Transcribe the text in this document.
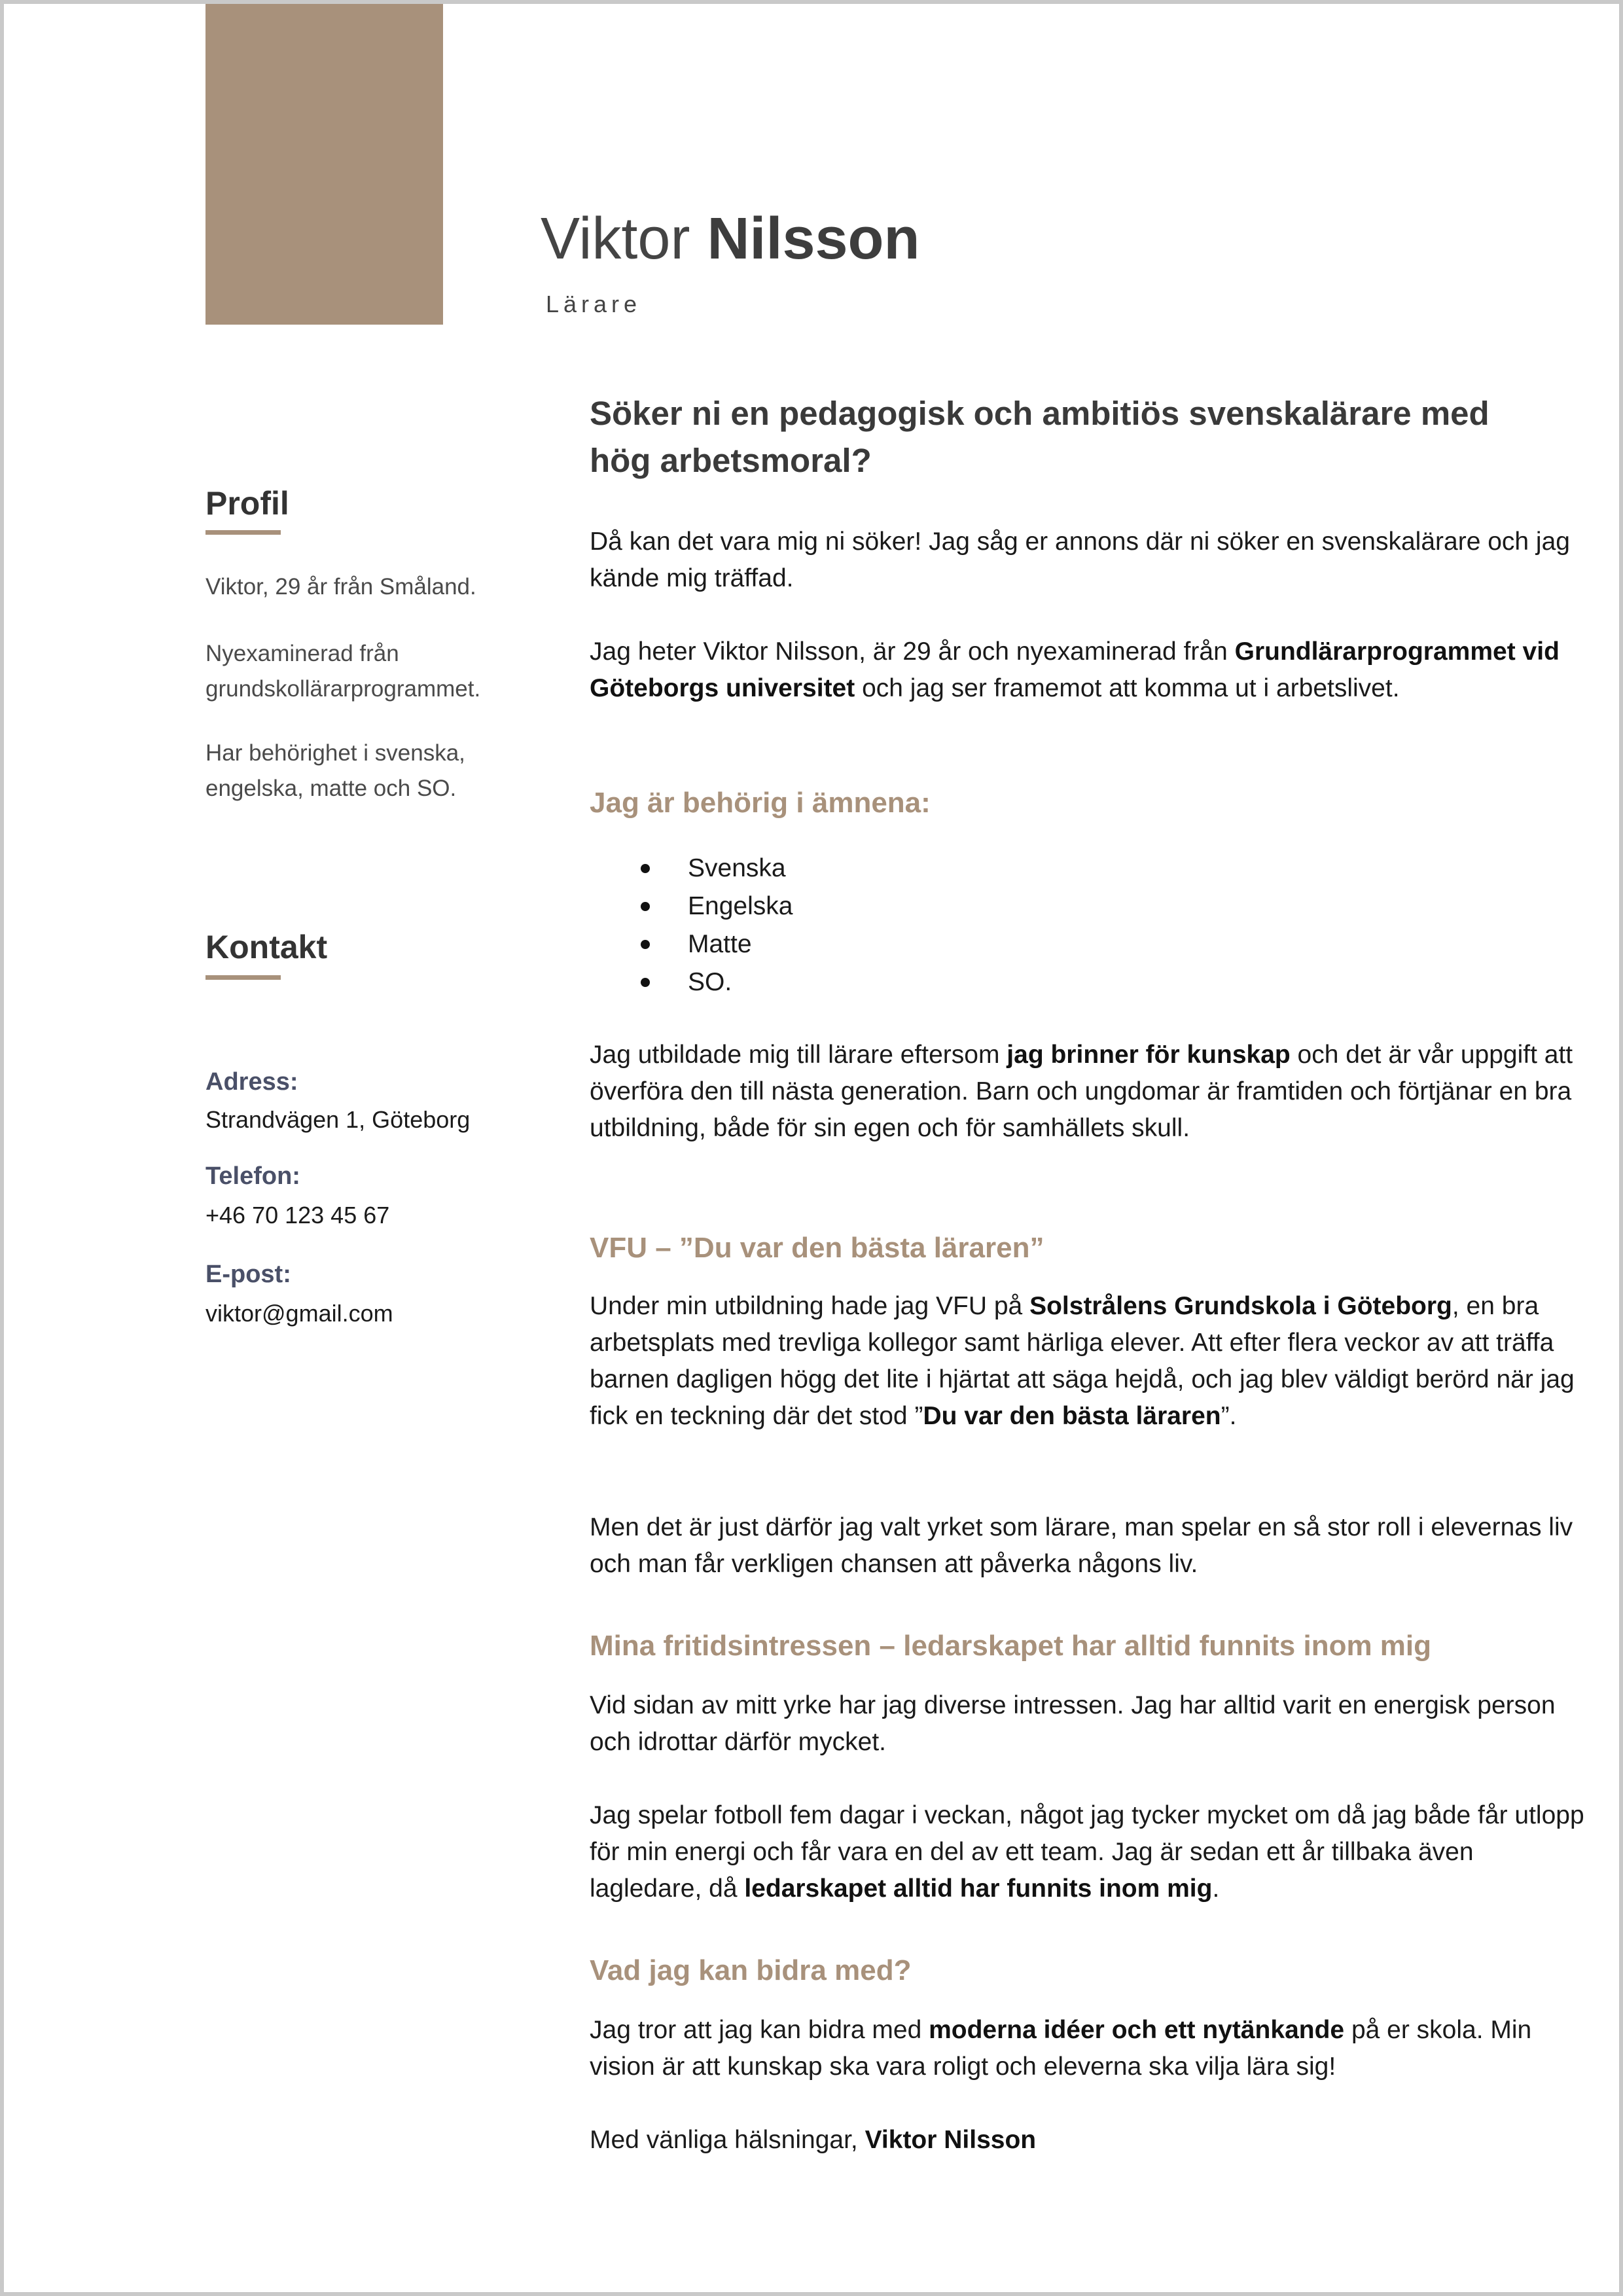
Viktor Nilsson
Lärare
Profil
Viktor, 29 år från Småland.
Nyexaminerad från grundskollärarprogrammet.
Har behörighet i svenska, engelska, matte och SO.
Kontakt
Adress:
Strandvägen 1, Göteborg
Telefon:
+46 70 123 45 67
E-post:
viktor@gmail.com
Söker ni en pedagogisk och ambitiös svenskalärare med hög arbetsmoral?
Då kan det vara mig ni söker! Jag såg er annons där ni söker en svenskalärare och jag kände mig träffad.
Jag heter Viktor Nilsson, är 29 år och nyexaminerad från Grundlärarprogrammet vid Göteborgs universitet och jag ser framemot att komma ut i arbetslivet.
Jag är behörig i ämnena:
Svenska
Engelska
Matte
SO.
Jag utbildade mig till lärare eftersom jag brinner för kunskap och det är vår uppgift att överföra den till nästa generation. Barn och ungdomar är framtiden och förtjänar en bra utbildning, både för sin egen och för samhällets skull.
VFU – ”Du var den bästa läraren”
Under min utbildning hade jag VFU på Solstrålens Grundskola i Göteborg, en bra arbetsplats med trevliga kollegor samt härliga elever. Att efter flera veckor av att träffa barnen dagligen högg det lite i hjärtat att säga hejdå, och jag blev väldigt berörd när jag fick en teckning där det stod ”Du var den bästa läraren”.
Men det är just därför jag valt yrket som lärare, man spelar en så stor roll i elevernas liv och man får verkligen chansen att påverka någons liv.
Mina fritidsintressen – ledarskapet har alltid funnits inom mig
Vid sidan av mitt yrke har jag diverse intressen. Jag har alltid varit en energisk person och idrottar därför mycket.
Jag spelar fotboll fem dagar i veckan, något jag tycker mycket om då jag både får utlopp för min energi och får vara en del av ett team. Jag är sedan ett år tillbaka även lagledare, då ledarskapet alltid har funnits inom mig.
Vad jag kan bidra med?
Jag tror att jag kan bidra med moderna idéer och ett nytänkande på er skola. Min vision är att kunskap ska vara roligt och eleverna ska vilja lära sig!
Med vänliga hälsningar, Viktor Nilsson
